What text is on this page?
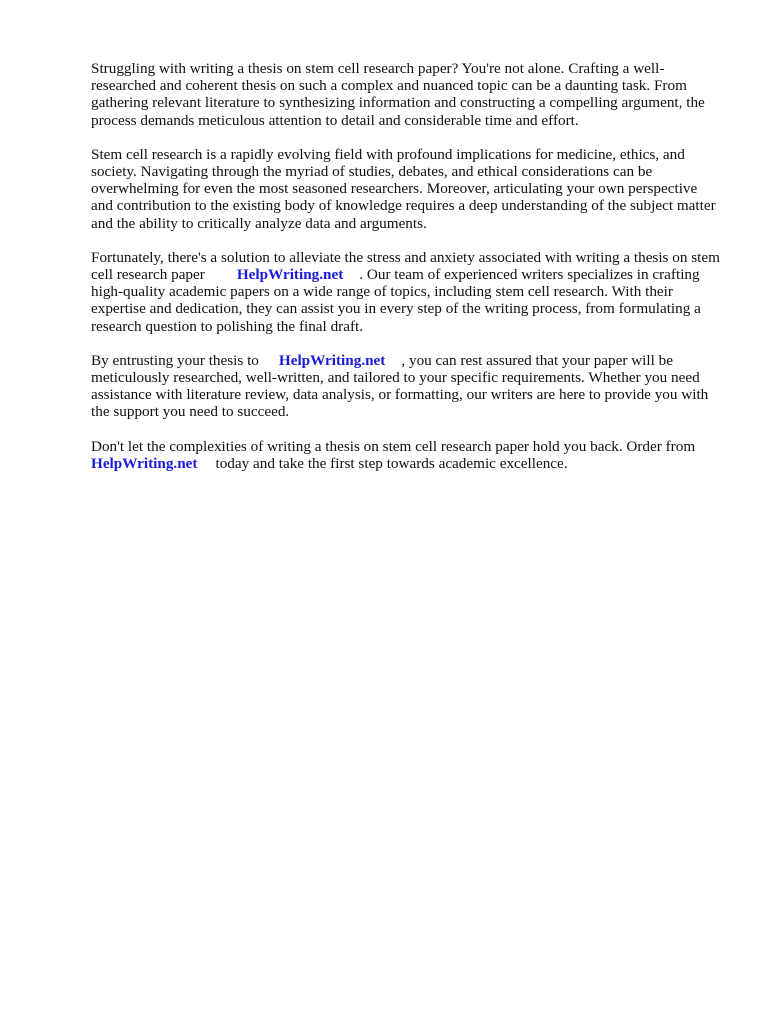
Struggling with writing a thesis on stem cell research paper? You're not alone. Crafting a well-researched and coherent thesis on such a complex and nuanced topic can be a daunting task. From gathering relevant literature to synthesizing information and constructing a compelling argument, the process demands meticulous attention to detail and considerable time and effort.

Stem cell research is a rapidly evolving field with profound implications for medicine, ethics, and society. Navigating through the myriad of studies, debates, and ethical considerations can be overwhelming for even the most seasoned researchers. Moreover, articulating your own perspective and contribution to the existing body of knowledge requires a deep understanding of the subject matter and the ability to critically analyze data and arguments.

Fortunately, there's a solution to alleviate the stress and anxiety associated with writing a thesis on stem cell research paper HelpWriting.net . Our team of experienced writers specializes in crafting high-quality academic papers on a wide range of topics, including stem cell research. With their expertise and dedication, they can assist you in every step of the writing process, from formulating a research question to polishing the final draft.

By entrusting your thesis to HelpWriting.net , you can rest assured that your paper will be meticulously researched, well-written, and tailored to your specific requirements. Whether you need assistance with literature review, data analysis, or formatting, our writers are here to provide you with the support you need to succeed.

Don't let the complexities of writing a thesis on stem cell research paper hold you back. Order fromHelpWriting.net today and take the first step towards academic excellence.
